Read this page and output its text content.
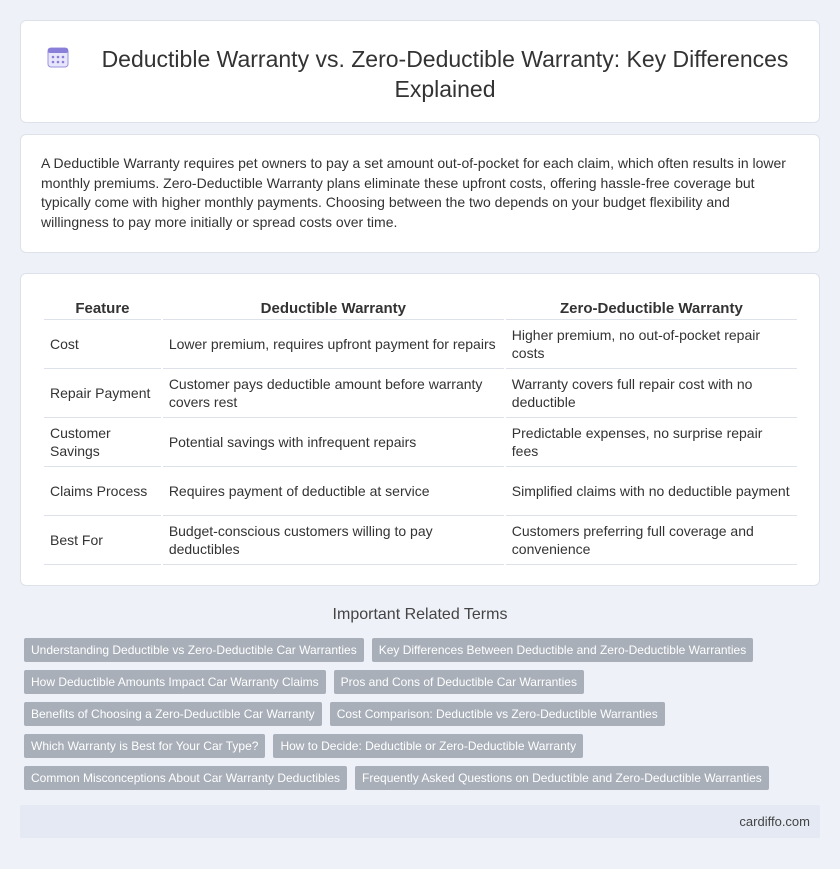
Deductible Warranty vs. Zero-Deductible Warranty: Key Differences Explained

A Deductible Warranty requires pet owners to pay a set amount out-of-pocket for each claim, which often results in lower monthly premiums. Zero-Deductible Warranty plans eliminate these upfront costs, offering hassle-free coverage but typically come with higher monthly payments. Choosing between the two depends on your budget flexibility and willingness to pay more initially or spread costs over time.

Feature	Deductible Warranty	Zero-Deductible Warranty
Cost	Lower premium, requires upfront payment for repairs	Higher premium, no out-of-pocket repair costs
Repair Payment	Customer pays deductible amount before warranty covers rest	Warranty covers full repair cost with no deductible
Customer Savings	Potential savings with infrequent repairs	Predictable expenses, no surprise repair fees
Claims Process	Requires payment of deductible at service	Simplified claims with no deductible payment
Best For	Budget-conscious customers willing to pay deductibles	Customers preferring full coverage and convenience
Important Related Terms
Understanding Deductible vs Zero-Deductible Car Warranties	Key Differences Between Deductible and Zero-Deductible Warranties
How Deductible Amounts Impact Car Warranty Claims	Pros and Cons of Deductible Car Warranties
Benefits of Choosing a Zero-Deductible Car Warranty	Cost Comparison: Deductible vs Zero-Deductible Warranties
Which Warranty is Best for Your Car Type?	How to Decide: Deductible or Zero-Deductible Warranty
Common Misconceptions About Car Warranty Deductibles	Frequently Asked Questions on Deductible and Zero-Deductible Warranties
cardiffo.com
